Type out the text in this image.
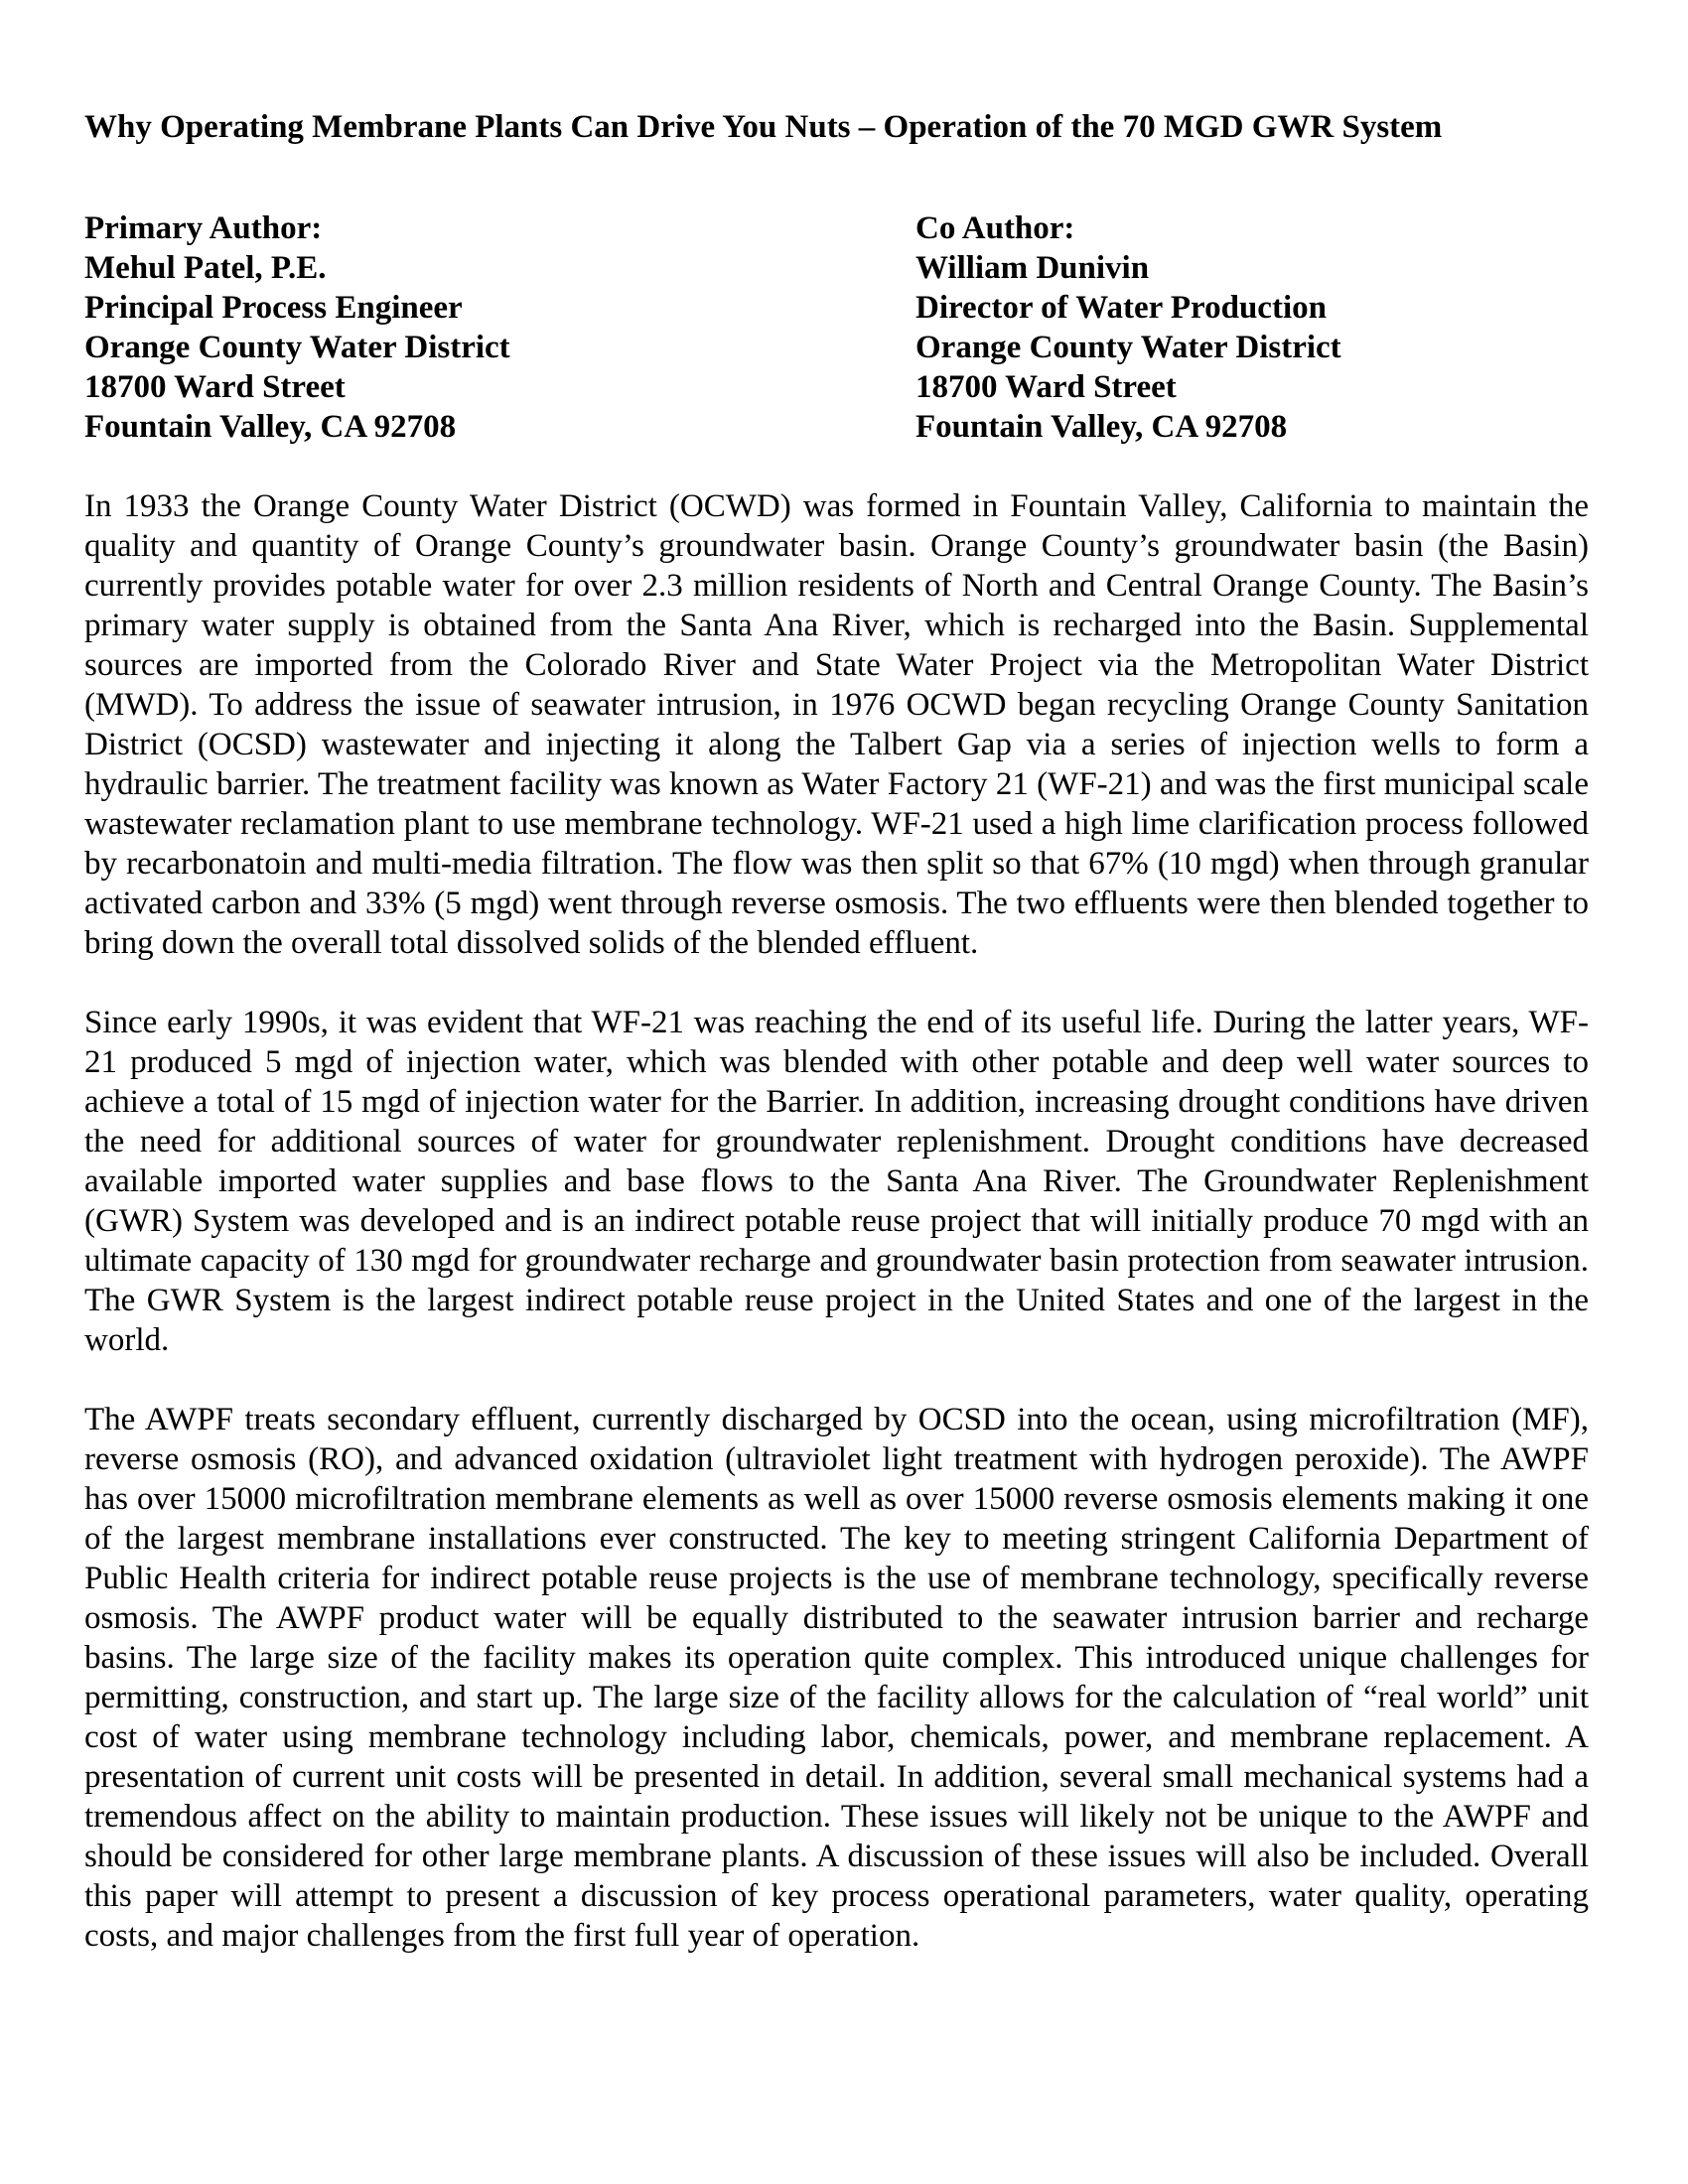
Why Operating Membrane Plants Can Drive You Nuts – Operation of the 70 MGD GWR System
Primary Author:
Mehul Patel, P.E.
Principal Process Engineer
Orange County Water District
18700 Ward Street
Fountain Valley, CA 92708
Co Author:
William Dunivin
Director of Water Production
Orange County Water District
18700 Ward Street
Fountain Valley, CA 92708

In 1933 the Orange County Water District (OCWD) was formed in Fountain Valley, California to maintain the quality and quantity of Orange County’s groundwater basin. Orange County’s groundwater basin (the Basin) currently provides potable water for over 2.3 million residents of North and Central Orange County. The Basin’s primary water supply is obtained from the Santa Ana River, which is recharged into the Basin. Supplemental sources are imported from the Colorado River and State Water Project via the Metropolitan Water District (MWD). To address the issue of seawater intrusion, in 1976 OCWD began recycling Orange County Sanitation District (OCSD) wastewater and injecting it along the Talbert Gap via a series of injection wells to form a hydraulic barrier. The treatment facility was known as Water Factory 21 (WF-21) and was the first municipal scale wastewater reclamation plant to use membrane technology. WF-21 used a high lime clarification process followed by recarbonatoin and multi-media filtration. The flow was then split so that 67% (10 mgd) when through granular activated carbon and 33% (5 mgd) went through reverse osmosis. The two effluents were then blended together to bring down the overall total dissolved solids of the blended effluent.

Since early 1990s, it was evident that WF-21 was reaching the end of its useful life. During the latter years, WF-21 produced 5 mgd of injection water, which was blended with other potable and deep well water sources to achieve a total of 15 mgd of injection water for the Barrier. In addition, increasing drought conditions have driven the need for additional sources of water for groundwater replenishment. Drought conditions have decreased available imported water supplies and base flows to the Santa Ana River. The Groundwater Replenishment (GWR) System was developed and is an indirect potable reuse project that will initially produce 70 mgd with an ultimate capacity of 130 mgd for groundwater recharge and groundwater basin protection from seawater intrusion. The GWR System is the largest indirect potable reuse project in the United States and one of the largest in the world.

The AWPF treats secondary effluent, currently discharged by OCSD into the ocean, using microfiltration (MF), reverse osmosis (RO), and advanced oxidation (ultraviolet light treatment with hydrogen peroxide). The AWPF has over 15000 microfiltration membrane elements as well as over 15000 reverse osmosis elements making it one of the largest membrane installations ever constructed. The key to meeting stringent California Department of Public Health criteria for indirect potable reuse projects is the use of membrane technology, specifically reverse osmosis. The AWPF product water will be equally distributed to the seawater intrusion barrier and recharge basins. The large size of the facility makes its operation quite complex. This introduced unique challenges for permitting, construction, and start up. The large size of the facility allows for the calculation of “real world” unit cost of water using membrane technology including labor, chemicals, power, and membrane replacement. A presentation of current unit costs will be presented in detail. In addition, several small mechanical systems had a tremendous affect on the ability to maintain production. These issues will likely not be unique to the AWPF and should be considered for other large membrane plants. A discussion of these issues will also be included. Overall this paper will attempt to present a discussion of key process operational parameters, water quality, operating costs, and major challenges from the first full year of operation.
